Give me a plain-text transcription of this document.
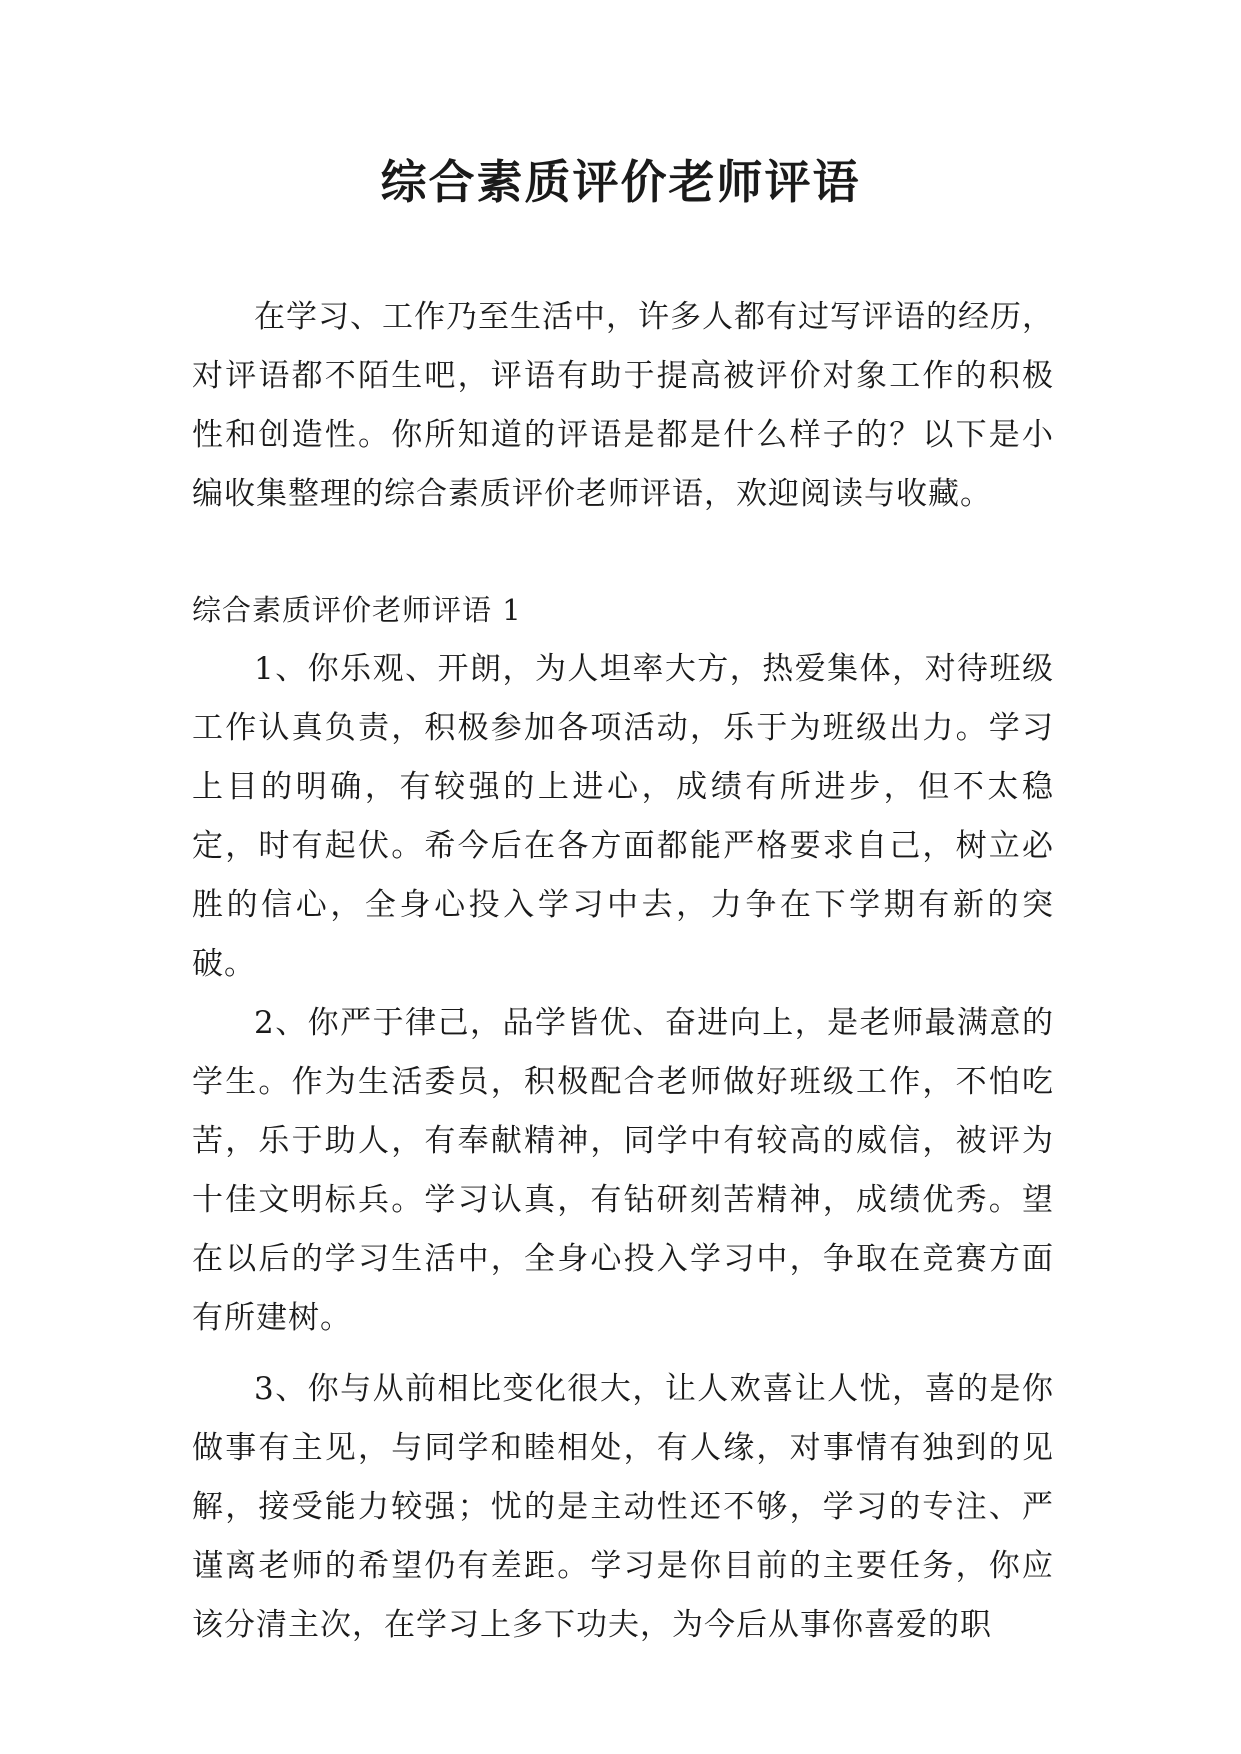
综合素质评价老师评语

在学习、工作乃至生活中，许多人都有过写评语的经历，对评语都不陌生吧，评语有助于提高被评价对象工作的积极性和创造性。你所知道的评语是都是什么样子的？以下是小编收集整理的综合素质评价老师评语，欢迎阅读与收藏。

综合素质评价老师评语 1

1、你乐观、开朗，为人坦率大方，热爱集体，对待班级工作认真负责，积极参加各项活动，乐于为班级出力。学习上目的明确，有较强的上进心，成绩有所进步，但不太稳定，时有起伏。希今后在各方面都能严格要求自己，树立必胜的信心，全身心投入学习中去，力争在下学期有新的突破。

2、你严于律己，品学皆优、奋进向上，是老师最满意的学生。作为生活委员，积极配合老师做好班级工作，不怕吃苦，乐于助人，有奉献精神，同学中有较高的威信，被评为十佳文明标兵。学习认真，有钻研刻苦精神，成绩优秀。望在以后的学习生活中，全身心投入学习中，争取在竞赛方面有所建树。

3、你与从前相比变化很大，让人欢喜让人忧，喜的是你做事有主见，与同学和睦相处，有人缘，对事情有独到的见解，接受能力较强；忧的是主动性还不够，学习的专注、严谨离老师的希望仍有差距。学习是你目前的主要任务，你应该分清主次，在学习上多下功夫，为今后从事你喜爱的职
